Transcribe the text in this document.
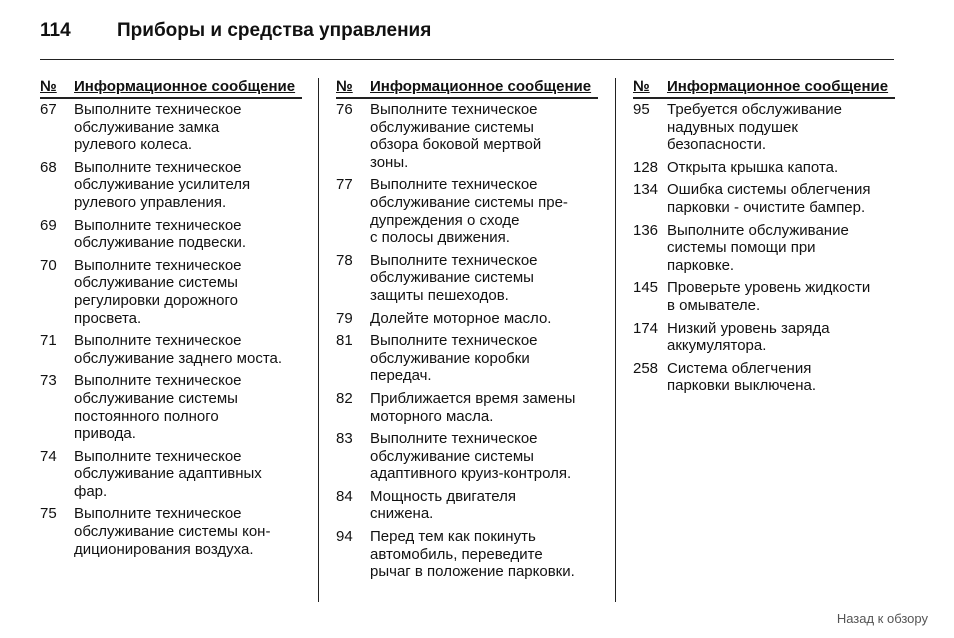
114 Приборы и средства управления
№	Информационное сообщение
67	Выполните техническое
обслуживание замка
рулевого колеса.
68	Выполните техническое
обслуживание усилителя
рулевого управления.
69	Выполните техническое
обслуживание подвески.
70	Выполните техническое
обслуживание системы
регулировки дорожного
просвета.
71	Выполните техническое
обслуживание заднего моста.
73	Выполните техническое
обслуживание системы
постоянного полного
привода.
74	Выполните техническое
обслуживание адаптивных
фар.
75	Выполните техническое
обслуживание системы кон-
диционирования воздуха.
№	Информационное сообщение
76	Выполните техническое
обслуживание системы
обзора боковой мертвой
зоны.
77	Выполните техническое
обслуживание системы пре-
дупреждения о сходе
с полосы движения.
78	Выполните техническое
обслуживание системы
защиты пешеходов.
79	Долейте моторное масло.
81	Выполните техническое
обслуживание коробки
передач.
82	Приближается время замены
моторного масла.
83	Выполните техническое
обслуживание системы
адаптивного круиз-контроля.
84	Мощность двигателя
снижена.
94	Перед тем как покинуть
автомобиль, переведите
рычаг в положение парковки.
№	Информационное сообщение
95	Требуется обслуживание
надувных подушек
безопасности.
128 Открыта крышка капота.
134 Ошибка системы облегчения
парковки - очистите бампер.
136 Выполните обслуживание
системы помощи при
парковке.
145 Проверьте уровень жидкости
в омывателе.
174 Низкий уровень заряда
аккумулятора.
258 Система облегчения
парковки выключена.
Назад к обзору
